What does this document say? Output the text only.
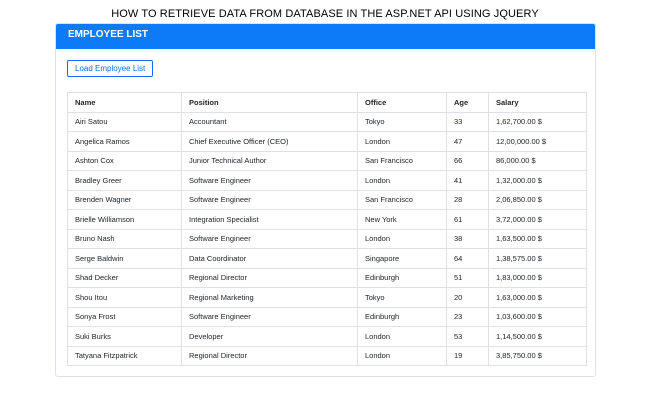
HOW TO RETRIEVE DATA FROM DATABASE IN THE ASP.NET API USING JQUERY
EMPLOYEE LIST
Load Employee List
Name	Position	Office	Age	Salary
Airi Satou	Accountant	Tokyo	33	1,62,700.00 $
Angelica Ramos	Chief Executive Officer (CEO)	London	47	12,00,000.00 $
Ashton Cox	Junior Technical Author	San Francisco	66	86,000.00 $
Bradley Greer	Software Engineer	London	41	1,32,000.00 $
Brenden Wagner	Software Engineer	San Francisco	28	2,06,850.00 $
Brielle Williamson	Integration Specialist	New York	61	3,72,000.00 $
Bruno Nash	Software Engineer	London	38	1,63,500.00 $
Serge Baldwin	Data Coordinator	Singapore	64	1,38,575.00 $
Shad Decker	Regional Director	Edinburgh	51	1,83,000.00 $
Shou Itou	Regional Marketing	Tokyo	20	1,63,000.00 $
Sonya Frost	Software Engineer	Edinburgh	23	1,03,600.00 $
Suki Burks	Developer	London	53	1,14,500.00 $
Tatyana Fitzpatrick	Regional Director	London	19	3,85,750.00 $
